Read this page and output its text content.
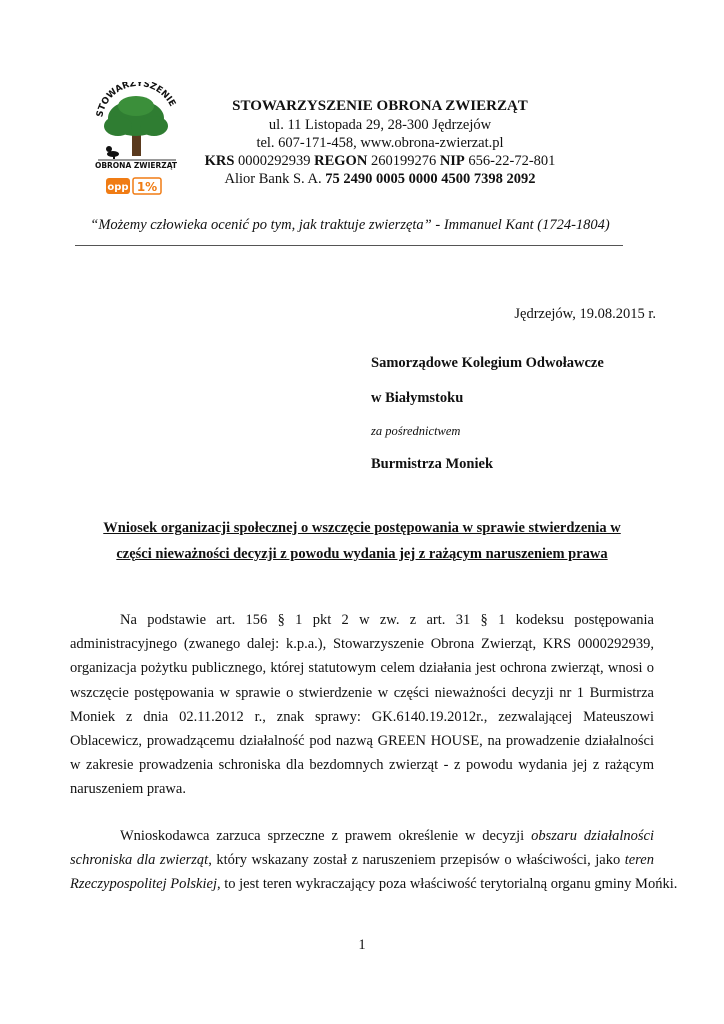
STOWARZYSZENIE
OBRONA ZWIERZĄT
opp 1%
STOWARZYSZENIE OBRONA ZWIERZĄT
ul. 11 Listopada 29, 28-300 Jędrzejów
tel. 607-171-458, www.obrona-zwierzat.pl
KRS 0000292939 REGON 260199276 NIP 656-22-72-801
Alior Bank S. A. 75 2490 0005 0000 4500 7398 2092
“Możemy człowieka ocenić po tym, jak traktuje zwierzęta” - Immanuel Kant (1724-1804)
Jędrzejów, 19.08.2015 r.
Samorządowe Kolegium Odwoławcze
w Białymstoku
za pośrednictwem
Burmistrza Moniek
Wniosek organizacji społecznej o wszczęcie postępowania w sprawie stwierdzenia w
części nieważności decyzji z powodu wydania jej z rażącym naruszeniem prawa
Na podstawie art. 156 § 1 pkt 2 w zw. z art. 31 § 1 kodeksu postępowania
administracyjnego (zwanego dalej: k.p.a.), Stowarzyszenie Obrona Zwierząt, KRS 0000292939,
organizacja pożytku publicznego, której statutowym celem działania jest ochrona zwierząt, wnosi o
wszczęcie postępowania w sprawie o stwierdzenie w części nieważności decyzji nr 1 Burmistrza
Moniek z dnia 02.11.2012 r., znak sprawy: GK.6140.19.2012r., zezwalającej Mateuszowi
Oblacewicz, prowadzącemu działalność pod nazwą GREEN HOUSE, na prowadzenie działalności
w zakresie prowadzenia schroniska dla bezdomnych zwierząt - z powodu wydania jej z rażącym
naruszeniem prawa.
Wnioskodawca zarzuca sprzeczne z prawem określenie w decyzji obszaru działalności
schroniska dla zwierząt, który wskazany został z naruszeniem przepisów o właściwości, jako teren
Rzeczypospolitej Polskiej, to jest teren wykraczający poza właściwość terytorialną organu gminy Mońki.
1
